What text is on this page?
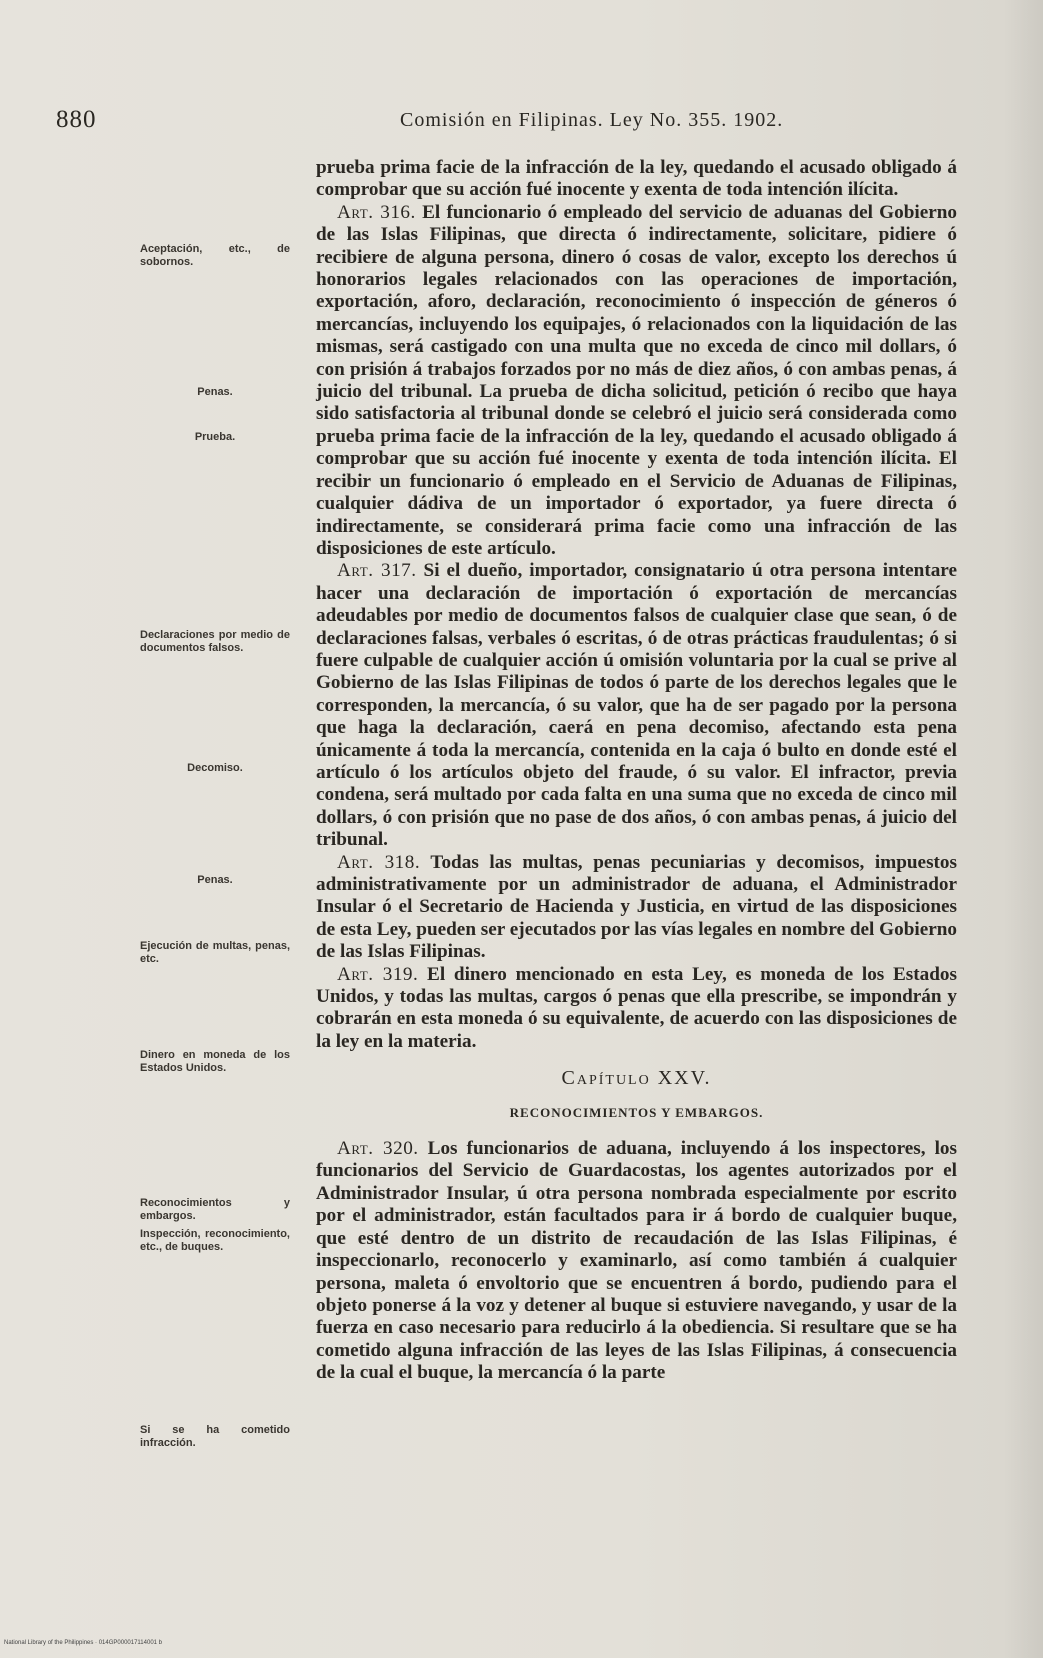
880	Comisión en Filipinas. Ley No. 355. 1902.
Aceptación, etc., de sobornos.
Penas.
Prueba.
Declaraciones por medio de documentos falsos.
Decomiso.
Penas.
Ejecución de multas, penas, etc.
Dinero en moneda de los Estados Unidos.
Reconocimientos y embargos.
Inspección, reconocimiento, etc., de buques.
Si se ha cometido infracción.

prueba prima facie de la infracción de la ley, quedando el acusado obligado á comprobar que su acción fué inocente y exenta de toda intención ilícita.

Art. 316. El funcionario ó empleado del servicio de aduanas del Gobierno de las Islas Filipinas, que directa ó indirectamente, solicitare, pidiere ó recibiere de alguna persona, dinero ó cosas de valor, excepto los derechos ú honorarios legales relacionados con las operaciones de importación, exportación, aforo, declaración, reconocimiento ó inspección de géneros ó mercancías, incluyendo los equipajes, ó relacionados con la liquidación de las mismas, será castigado con una multa que no exceda de cinco mil dollars, ó con prisión á trabajos forzados por no más de diez años, ó con ambas penas, á juicio del tribunal. La prueba de dicha solicitud, petición ó recibo que haya sido satisfactoria al tribunal donde se celebró el juicio será considerada como prueba prima facie de la infracción de la ley, quedando el acusado obligado á comprobar que su acción fué inocente y exenta de toda intención ilícita. El recibir un funcionario ó empleado en el Servicio de Aduanas de Filipinas, cualquier dádiva de un importador ó exportador, ya fuere directa ó indirectamente, se considerará prima facie como una infracción de las disposiciones de este artículo.

Art. 317. Si el dueño, importador, consignatario ú otra persona intentare hacer una declaración de importación ó exportación de mercancías adeudables por medio de documentos falsos de cualquier clase que sean, ó de declaraciones falsas, verbales ó escritas, ó de otras prácticas fraudulentas; ó si fuere culpable de cualquier acción ú omisión voluntaria por la cual se prive al Gobierno de las Islas Filipinas de todos ó parte de los derechos legales que le corresponden, la mercancía, ó su valor, que ha de ser pagado por la persona que haga la declaración, caerá en pena decomiso, afectando esta pena únicamente á toda la mercancía, contenida en la caja ó bulto en donde esté el artículo ó los artículos objeto del fraude, ó su valor. El infractor, previa condena, será multado por cada falta en una suma que no exceda de cinco mil dollars, ó con prisión que no pase de dos años, ó con ambas penas, á juicio del tribunal.

Art. 318. Todas las multas, penas pecuniarias y decomisos, impuestos administrativamente por un administrador de aduana, el Administrador Insular ó el Secretario de Hacienda y Justicia, en virtud de las disposiciones de esta Ley, pueden ser ejecutados por las vías legales en nombre del Gobierno de las Islas Filipinas.

Art. 319. El dinero mencionado en esta Ley, es moneda de los Estados Unidos, y todas las multas, cargos ó penas que ella prescribe, se impondrán y cobrarán en esta moneda ó su equivalente, de acuerdo con las disposiciones de la ley en la materia.

Capítulo XXV.

RECONOCIMIENTOS Y EMBARGOS.

Art. 320. Los funcionarios de aduana, incluyendo á los inspectores, los funcionarios del Servicio de Guardacostas, los agentes autorizados por el Administrador Insular, ú otra persona nombrada especialmente por escrito por el administrador, están facultados para ir á bordo de cualquier buque, que esté dentro de un distrito de recaudación de las Islas Filipinas, é inspeccionarlo, reconocerlo y examinarlo, así como también á cualquier persona, maleta ó envoltorio que se encuentren á bordo, pudiendo para el objeto ponerse á la voz y detener al buque si estuviere navegando, y usar de la fuerza en caso necesario para reducirlo á la obediencia. Si resultare que se ha cometido alguna infracción de las leyes de las Islas Filipinas, á consecuencia de la cual el buque, la mercancía ó la parte

National Library of the Philippines · 014GP000017114001 b
